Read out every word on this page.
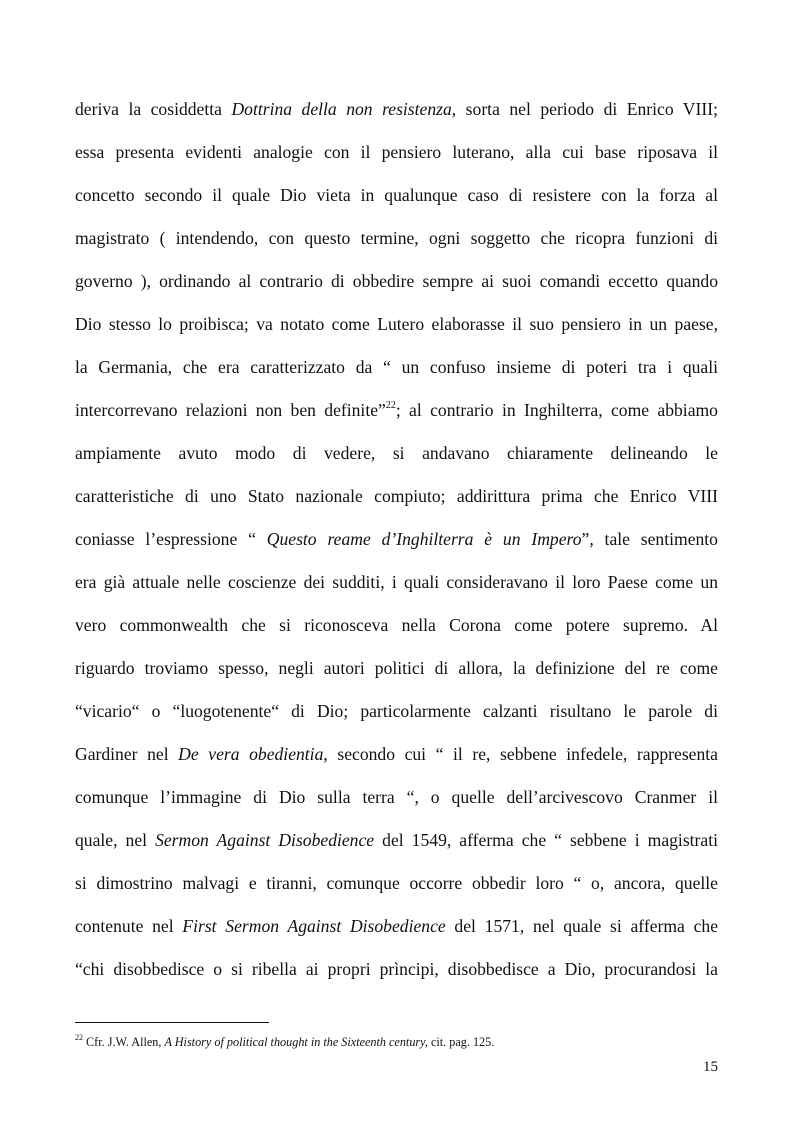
deriva la cosiddetta Dottrina della non resistenza, sorta nel periodo di Enrico VIII;
essa presenta evidenti analogie con il pensiero luterano, alla cui base riposava il
concetto secondo il quale Dio vieta in qualunque caso di resistere con la forza al
magistrato ( intendendo, con questo termine, ogni soggetto che ricopra funzioni di
governo ), ordinando al contrario di obbedire sempre ai suoi comandi eccetto quando
Dio stesso lo proibisca; va notato come Lutero elaborasse il suo pensiero in un paese,
la Germania, che era caratterizzato da “ un confuso insieme di poteri tra i quali
intercorrevano relazioni non ben definite”$^{22}$; al contrario in Inghilterra, come abbiamo
ampiamente avuto modo di vedere, si andavano chiaramente delineando le
caratteristiche di uno Stato nazionale compiuto; addirittura prima che Enrico VIII
coniasse l’espressione “ Questo reame d’Inghilterra è un Impero”, tale sentimento
era già attuale nelle coscienze dei sudditi, i quali consideravano il loro Paese come un
vero commonwealth che si riconosceva nella Corona come potere supremo. Al
riguardo troviamo spesso, negli autori politici di allora, la definizione del re come
“vicario“ o “luogotenente“ di Dio; particolarmente calzanti risultano le parole di
Gardiner nel De vera obedientia, secondo cui “ il re, sebbene infedele, rappresenta
comunque l’immagine di Dio sulla terra “, o quelle dell’arcivescovo Cranmer il
quale, nel Sermon Against Disobedience del 1549, afferma che “ sebbene i magistrati
si dimostrino malvagi e tiranni, comunque occorre obbedir loro “ o, ancora, quelle
contenute nel First Sermon Against Disobedience del 1571, nel quale si afferma che
“chi disobbedisce o si ribella ai propri prìncipi, disobbedisce a Dio, procurandosi la
$^{22}$ Cfr. J.W. Allen, A History of political thought in the Sixteenth century, cit. pag. 125.
15
